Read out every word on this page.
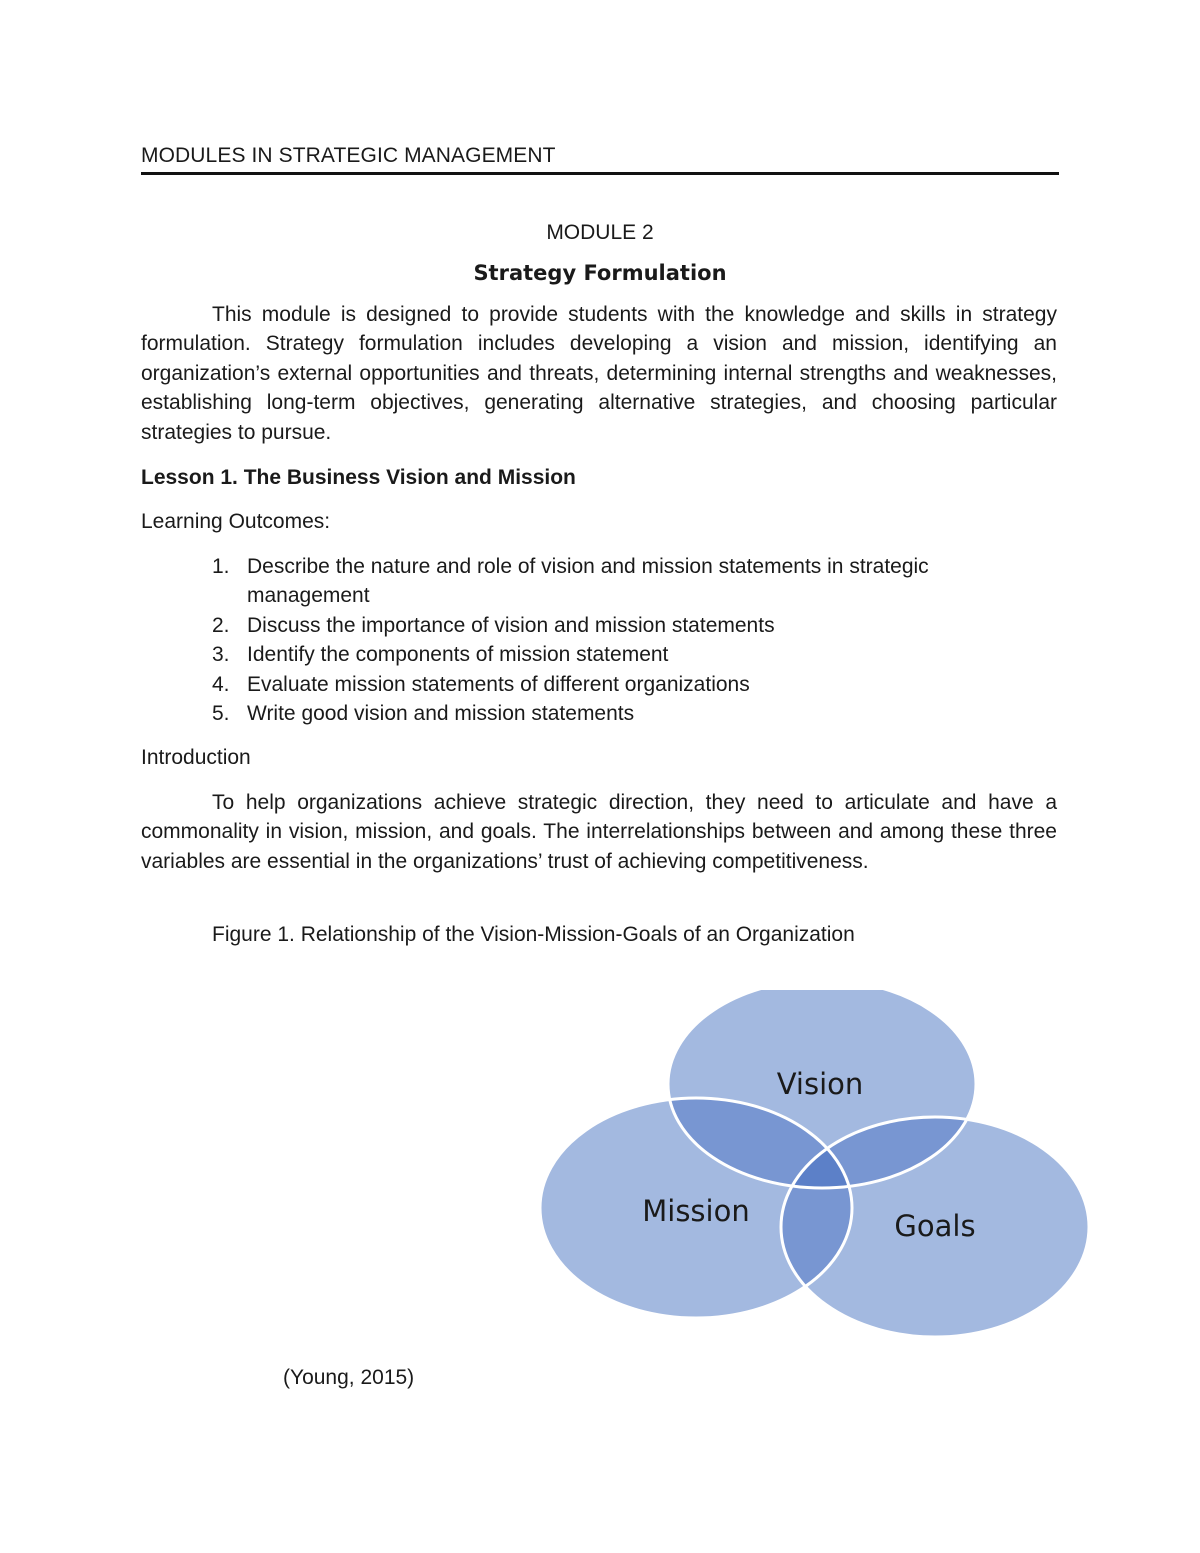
MODULES IN STRATEGIC MANAGEMENT
MODULE 2
Strategy Formulation

This module is designed to provide students with the knowledge and skills in strategy formulation. Strategy formulation includes developing a vision and mission, identifying an organization’s external opportunities and threats, determining internal strengths and weaknesses, establishing long-term objectives, generating alternative strategies, and choosing particular strategies to pursue.

Lesson 1. The Business Vision and Mission
Learning Outcomes:
1. Describe the nature and role of vision and mission statements in strategic management
2. Discuss the importance of vision and mission statements
3. Identify the components of mission statement
4. Evaluate mission statements of different organizations
5. Write good vision and mission statements
Introduction

To help organizations achieve strategic direction, they need to articulate and have a commonality in vision, mission, and goals. The interrelationships between and among these three variables are essential in the organizations’ trust of achieving competitiveness.

Figure 1. Relationship of the Vision-Mission-Goals of an Organization
Vision
Mission	Goals
(Young, 2015)
